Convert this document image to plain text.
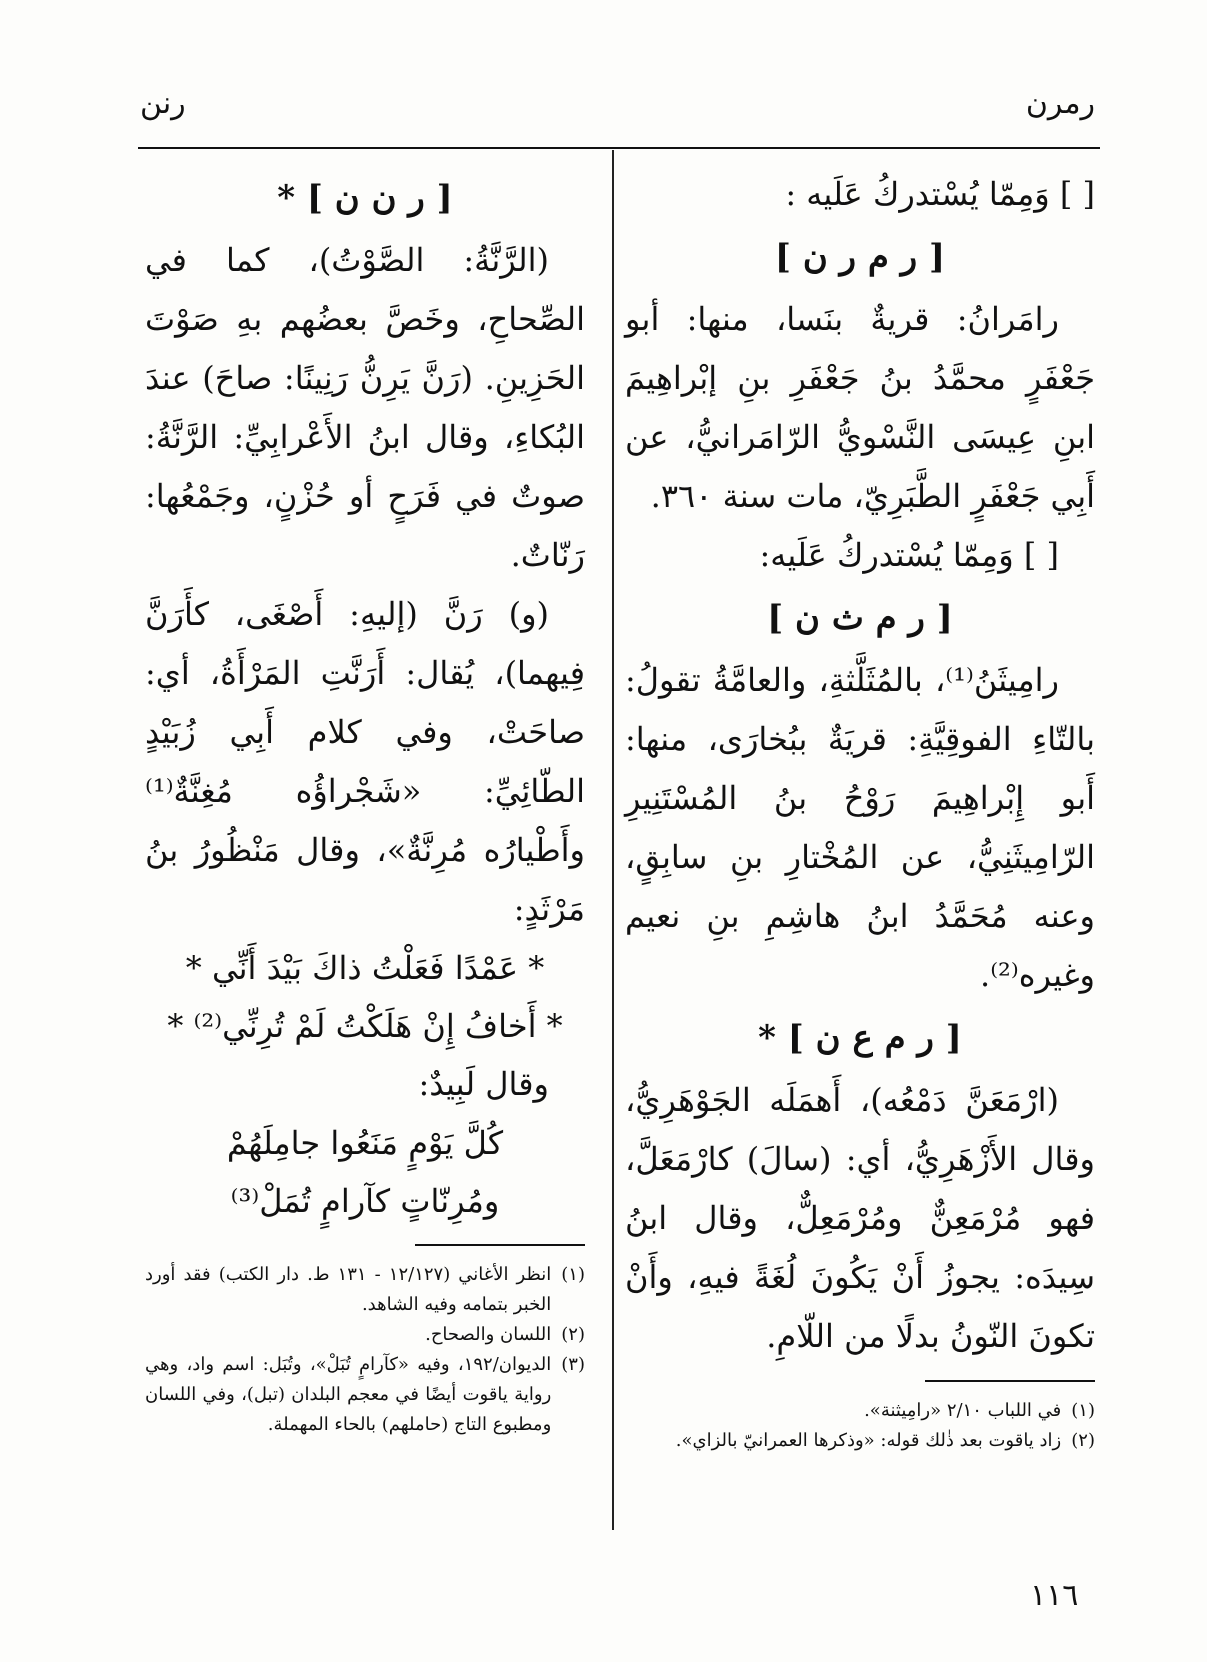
رمرن
رنن

[ ] وَمِمّا يُسْتدركُ عَلَيه :

[ ر م ر ن ]

رامَرانُ: قريةٌ بنَسا، منها: أبو جَعْفَرٍ محمَّدُ بنُ جَعْفَرِ بنِ إبْراهِيمَ ابنِ عِيسَى النَّسْويُّ الرّامَرانيُّ، عن أَبِي جَعْفَرٍ الطَّبَرِيّ، مات سنة ٣٦٠.

[ ] وَمِمّا يُسْتدركُ عَلَيه:

[ ر م ث ن ]

رامِيثَنُ⁽¹⁾، بالمُثَلَّثةِ، والعامَّةُ تقولُ: بالتّاءِ الفوقِيَّةِ: قريَةٌ ببُخارَى، منها: أَبو إِبْراهِيمَ رَوْحُ بنُ المُسْتَنِيرِ الرّامِيثَنِيُّ، عن المُخْتارِ بنِ سابِقٍ، وعنه مُحَمَّدُ ابنُ هاشِمِ بنِ نعيم وغيره⁽²⁾.

[ ر م ع ن ] *

(ارْمَعَنَّ دَمْعُه)، أَهمَلَه الجَوْهَرِيُّ، وقال الأَزْهَرِيُّ، أي: (سالَ) كارْمَعَلَّ، فهو مُرْمَعِنٌّ ومُرْمَعِلٌّ، وقال ابنُ سِيدَه: يجوزُ أَنْ يَكُونَ لُغَةً فيهِ، وأَنْ تكونَ النّونُ بدلًا من اللّامِ.

(١)
في اللباب ٢/١٠ «رامِيثنة».

(٢)
زاد ياقوت بعد ذٰلك قوله: «وذكرها العمرانيّ بالزاي».

[ ر ن ن ] *

(الرَّنَّةُ: الصَّوْتُ)، كما في الصِّحاحِ، وخَصَّ بعضُهم بهِ صَوْتَ الحَزِينِ. (رَنَّ يَرِنُّ رَنِينًا: صاحَ) عندَ البُكاءِ، وقال ابنُ الأَعْرابِيِّ: الرَّنَّةُ: صوتٌ في فَرَحٍ أو حُزْنٍ، وجَمْعُها: رَنّاتٌ.

(و) رَنَّ (إليهِ: أَصْغَى، كأَرَنَّ فِيهما)، يُقال: أَرَنَّتِ المَرْأَةُ، أي: صاحَتْ، وفي كلام أَبِي زُبَيْدٍ الطّائِيِّ: «شَجْراؤُه مُغِنَّةٌ⁽¹⁾ وأَطْيارُه مُرِنَّةٌ»، وقال مَنْظُورُ بنُ مَرْثَدٍ:

* عَمْدًا فَعَلْتُ ذاكَ بَيْدَ أَنِّي *

* أَخافُ إِنْ هَلَكْتُ لَمْ تُرِنِّي⁽²⁾ *

وقال لَبِيدٌ:

كُلَّ يَوْمٍ مَنَعُوا جامِلَهُمْ

ومُرِنّاتٍ كآرامٍ تُمَلْ⁽³⁾

(١)
انظر الأغاني (١٢/١٢٧ - ١٣١ ط. دار الكتب) فقد أورد الخبر بتمامه وفيه الشاهد.

(٢)
اللسان والصحاح.

(٣)
الديوان/١٩٢، وفيه «كآرامٍ تُبَلْ»، وتُبَل: اسم واد، وهي رواية ياقوت أيضًا في معجم البلدان (تبل)، وفي اللسان ومطبوع التاج (حاملهم) بالحاء المهملة.

١١٦
